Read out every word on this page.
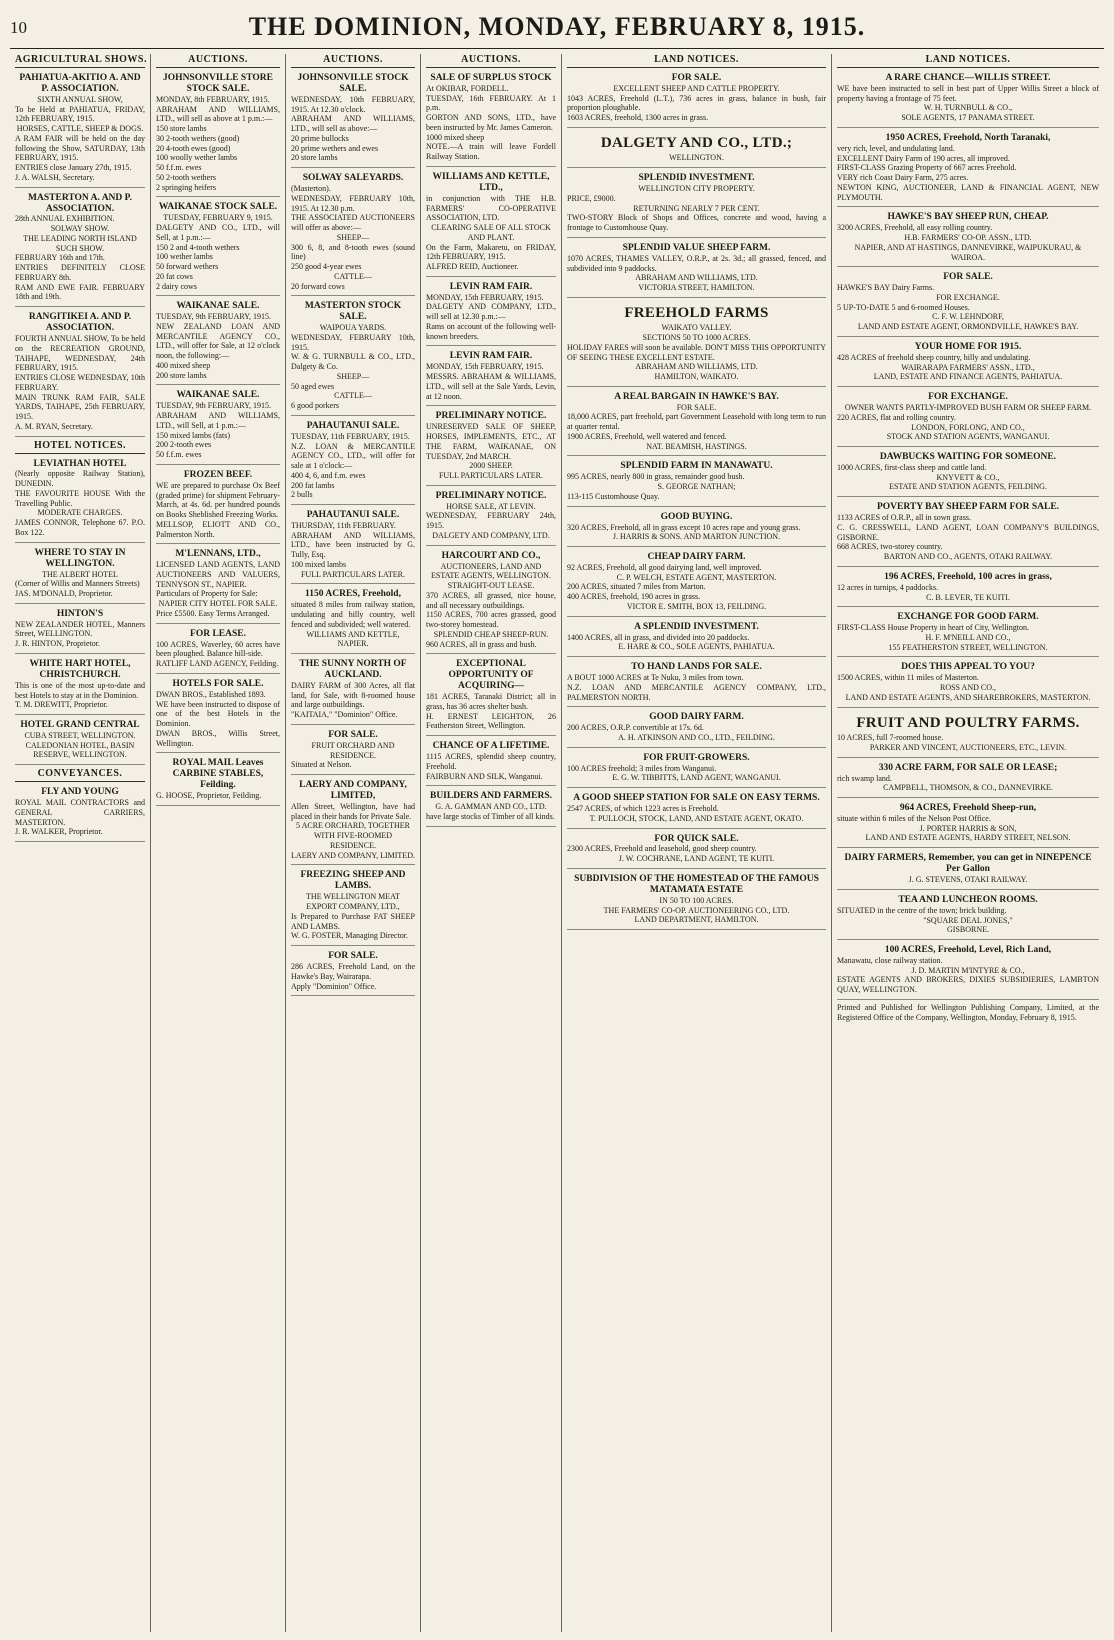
10	THE DOMINION, MONDAY, FEBRUARY 8, 1915.
AGRICULTURAL SHOWS.
PAHIATUA-AKITIO A. AND P. ASSOCIATION.
SIXTH ANNUAL SHOW,
To be Held at PAHIATUA, FRIDAY, 12th FEBRUARY, 1915.
HORSES, CATTLE, SHEEP & DOGS.
A RAM FAIR will be held on the day following the Show, SATURDAY, 13th FEBRUARY, 1915.
ENTRIES close January 27th, 1915.
J. A. WALSH, Secretary.
MASTERTON A. AND P. ASSOCIATION.
28th ANNUAL EXHIBITION.
SOLWAY SHOW.
THE LEADING NORTH ISLAND SUCH SHOW.
FEBRUARY 16th and 17th.
ENTRIES DEFINITELY CLOSE FEBRUARY 8th.
RAM AND EWE FAIR. FEBRUARY 18th and 19th.
RANGITIKEI A. AND P. ASSOCIATION.
FOURTH ANNUAL SHOW, To be held on the RECREATION GROUND, TAIHAPE, WEDNESDAY, 24th FEBRUARY, 1915.
ENTRIES CLOSE WEDNESDAY, 10th FEBRUARY.
MAIN TRUNK RAM FAIR, SALE YARDS, TAIHAPE, 25th FEBRUARY, 1915.
A. M. RYAN, Secretary.
HOTEL NOTICES.
LEVIATHAN HOTEL
(Nearly opposite Railway Station), DUNEDIN.
THE FAVOURITE HOUSE With the Travelling Public.
MODERATE CHARGES.
JAMES CONNOR, Telephone 67. P.O. Box 122.
WHERE TO STAY IN WELLINGTON.
THE ALBERT HOTEL
(Corner of Willis and Manners Streets)
JAS. M'DONALD, Proprietor.
HINTON'S
NEW ZEALANDER HOTEL, Manners Street, WELLINGTON.
J. R. HINTON, Proprietor.
WHITE HART HOTEL, CHRISTCHURCH.
This is one of the most up-to-date and best Hotels to stay at in the Dominion.
T. M. DREWITT, Proprietor.
HOTEL GRAND CENTRAL
CUBA STREET, WELLINGTON.
CALEDONIAN HOTEL, BASIN RESERVE, WELLINGTON.
CONVEYANCES.
FLY AND YOUNG
ROYAL MAIL CONTRACTORS and GENERAL CARRIERS, MASTERTON.
J. R. WALKER, Proprietor.
AUCTIONS.
JOHNSONVILLE STORE STOCK SALE.
MONDAY, 8th FEBRUARY, 1915.
ABRAHAM AND WILLIAMS, LTD., will sell as above at 1 p.m.:—
150 store lambs
30 2-tooth wethers (good)
20 4-tooth ewes (good)
100 woolly wether lambs
50 f.f.m. ewes
50 2-tooth wethers
2 springing heifers
WAIKANAE STOCK SALE.
TUESDAY, FEBRUARY 9, 1915.
DALGETY AND CO., LTD., will Sell, at 1 p.m.:—
150 2 and 4-tooth wethers
100 wether lambs
50 forward wethers
20 fat cows
2 dairy cows
WAIKANAE SALE.
TUESDAY, 9th FEBRUARY, 1915.
NEW ZEALAND LOAN AND MERCANTILE AGENCY CO., LTD., will offer for Sale, at 12 o'clock noon, the following:—
400 mixed sheep
200 store lambs
WAIKANAE SALE.
TUESDAY, 9th FEBRUARY, 1915.
ABRAHAM AND WILLIAMS, LTD., will Sell, at 1 p.m.:—
150 mixed lambs (fats)
200 2-tooth ewes
50 f.f.m. ewes
FROZEN BEEF.
WE are prepared to purchase Ox Beef (graded prime) for shipment February-March, at 4s. 6d. per hundred pounds on Books Sheblished Freezing Works.
MELLSOP, ELIOTT AND CO., Palmerston North.
M'LENNANS, LTD.,
LICENSED LAND AGENTS, LAND AUCTIONEERS AND VALUERS, TENNYSON ST., NAPIER.
Particulars of Property for Sale:
NAPIER CITY HOTEL FOR SALE.
Price £5500. Easy Terms Arranged.
FOR LEASE.
100 ACRES, Waverley, 60 acres have been ploughed. Balance hill-side.
RATLIFF LAND AGENCY, Feilding.
HOTELS FOR SALE.
DWAN BROS., Established 1893.
WE have been instructed to dispose of one of the best Hotels in the Dominion.
DWAN BROS., Willis Street, Wellington.
ROYAL MAIL Leaves CARBINE STABLES, Feilding.
G. HOOSE, Proprietor, Feilding.
AUCTIONS.
JOHNSONVILLE STOCK SALE.
WEDNESDAY, 10th FEBRUARY, 1915. At 12.30 o'clock.
ABRAHAM AND WILLIAMS, LTD., will sell as above:—
20 prime bullocks
20 prime wethers and ewes
20 store lambs
SOLWAY SALEYARDS.
(Masterton).
WEDNESDAY, FEBRUARY 10th, 1915. At 12.30 p.m.
THE ASSOCIATED AUCTIONEERS will offer as above:—
SHEEP—
300 6, 8, and 8-tooth ewes (sound line)
250 good 4-year ewes
CATTLE—
20 forward cows
MASTERTON STOCK SALE.
WAIPOUA YARDS.
WEDNESDAY, FEBRUARY 10th, 1915.
W. & G. TURNBULL & CO., LTD., Dalgety & Co.
SHEEP—
50 aged ewes
CATTLE—
6 good porkers
PAHAUTANUI SALE.
TUESDAY, 11th FEBRUARY, 1915.
N.Z. LOAN & MERCANTILE AGENCY CO., LTD., will offer for sale at 1 o'clock:—
400 4, 6, and f.m. ewes
200 fat lambs
2 bulls
PAHAUTANUI SALE.
THURSDAY, 11th FEBRUARY.
ABRAHAM AND WILLIAMS, LTD., have been instructed by G. Tully, Esq.
100 mixed lambs
FULL PARTICULARS LATER.
1150 ACRES, Freehold,
situated 8 miles from railway station, undulating and hilly country, well fenced and subdivided; well watered.
WILLIAMS AND KETTLE, NAPIER.
THE SUNNY NORTH OF AUCKLAND.
DAIRY FARM of 300 Acres, all flat land, for Sale, with 8-roomed house and large outbuildings.
"KAITAIA," "Dominion" Office.
FOR SALE.
FRUIT ORCHARD AND RESIDENCE.
Situated at Nelson.
LAERY AND COMPANY, LIMITED,
Allen Street, Wellington, have had placed in their hands for Private Sale.
5 ACRE ORCHARD, TOGETHER WITH FIVE-ROOMED RESIDENCE.
LAERY AND COMPANY, LIMITED.
FREEZING SHEEP AND LAMBS.
THE WELLINGTON MEAT EXPORT COMPANY, LTD.,
Is Prepared to Purchase FAT SHEEP AND LAMBS.
W. G. FOSTER, Managing Director.
FOR SALE.
286 ACRES, Freehold Land, on the Hawke's Bay, Wairarapa.
Apply "Dominion" Office.
AUCTIONS.
SALE OF SURPLUS STOCK
At OKIBAR, FORDELL.
TUESDAY, 16th FEBRUARY. At 1 p.m.
GORTON AND SONS, LTD., have been instructed by Mr. James Cameron.
1000 mixed sheep
NOTE.—A train will leave Fordell Railway Station.
WILLIAMS AND KETTLE, LTD.,
in conjunction with THE H.B. FARMERS' CO-OPERATIVE ASSOCIATION, LTD.
CLEARING SALE OF ALL STOCK AND PLANT.
On the Farm, Makaretu, on FRIDAY, 12th FEBRUARY, 1915.
ALFRED REID, Auctioneer.
LEVIN RAM FAIR.
MONDAY, 15th FEBRUARY, 1915.
DALGETY AND COMPANY, LTD., will sell at 12.30 p.m.:—
Rams on account of the following well-known breeders.
LEVIN RAM FAIR.
MONDAY, 15th FEBRUARY, 1915.
MESSRS. ABRAHAM & WILLIAMS, LTD., will sell at the Sale Yards, Levin, at 12 noon.
PRELIMINARY NOTICE.
UNRESERVED SALE OF SHEEP, HORSES, IMPLEMENTS, ETC., AT THE FARM, WAIKANAE, ON TUESDAY, 2nd MARCH.
2000 SHEEP.
FULL PARTICULARS LATER.
PRELIMINARY NOTICE.
HORSE SALE, AT LEVIN.
WEDNESDAY, FEBRUARY 24th, 1915.
DALGETY AND COMPANY, LTD.
HARCOURT AND CO.,
AUCTIONEERS, LAND AND ESTATE AGENTS, WELLINGTON.
STRAIGHT-OUT LEASE.
370 ACRES, all grassed, nice house, and all necessary outbuildings.
1150 ACRES, 700 acres grassed, good two-storey homestead.
SPLENDID CHEAP SHEEP-RUN.
960 ACRES, all in grass and bush.
EXCEPTIONAL OPPORTUNITY OF ACQUIRING—
181 ACRES, Taranaki District; all in grass, has 36 acres shelter bush.
H. ERNEST LEIGHTON, 26 Featherston Street, Wellington.
CHANCE OF A LIFETIME.
1115 ACRES, splendid sheep country, Freehold.
FAIRBURN AND SILK, Wanganui.
BUILDERS AND FARMERS.
G. A. GAMMAN AND CO., LTD.
have large stocks of Timber of all kinds.
LAND NOTICES.
FOR SALE.
EXCELLENT SHEEP AND CATTLE PROPERTY.
1043 ACRES, Freehold (L.T.), 736 acres in grass, balance in bush, fair proportion ploughable.
1603 ACRES, freehold, 1300 acres in grass.
DALGETY AND CO., LTD.;
WELLINGTON.
SPLENDID INVESTMENT.
WELLINGTON CITY PROPERTY.
PRICE, £9000.
RETURNING NEARLY 7 PER CENT.
TWO-STORY Block of Shops and Offices, concrete and wood, having a frontage to Customhouse Quay.
SPLENDID VALUE SHEEP FARM.
1070 ACRES, THAMES VALLEY, O.R.P., at 2s. 3d.; all grassed, fenced, and subdivided into 9 paddocks.
ABRAHAM AND WILLIAMS, LTD.
VICTORIA STREET, HAMILTON.
FREEHOLD FARMS
WAIKATO VALLEY.
SECTIONS 50 TO 1000 ACRES.
HOLIDAY FARES will soon be available. DON'T MISS THIS OPPORTUNITY OF SEEING THESE EXCELLENT ESTATE.
ABRAHAM AND WILLIAMS, LTD.
HAMILTON, WAIKATO.
A REAL BARGAIN IN HAWKE'S BAY.
FOR SALE.
18,000 ACRES, part freehold, part Government Leasehold with long term to run at quarter rental.
1900 ACRES, Freehold, well watered and fenced.
NAT. BEAMISH, HASTINGS.
SPLENDID FARM IN MANAWATU.
995 ACRES, nearly 800 in grass, remainder good bush.
S. GEORGE NATHAN;
113-115 Customhouse Quay.
GOOD BUYING.
320 ACRES, Freehold, all in grass except 10 acres rape and young grass.
J. HARRIS & SONS. AND MARTON JUNCTION.
CHEAP DAIRY FARM.
92 ACRES, Freehold, all good dairying land, well improved.
C. P. WELCH, ESTATE AGENT, MASTERTON.
200 ACRES, situated 7 miles from Marton.
400 ACRES, freehold, 190 acres in grass.
VICTOR E. SMITH, BOX 13, FEILDING.
A SPLENDID INVESTMENT.
1400 ACRES, all in grass, and divided into 20 paddocks.
E. HARE & CO., SOLE AGENTS, PAHIATUA.
TO HAND LANDS FOR SALE.
A BOUT 1000 ACRES at Te Nuku, 3 miles from town.
N.Z. LOAN AND MERCANTILE AGENCY COMPANY, LTD., PALMERSTON NORTH.
GOOD DAIRY FARM.
200 ACRES, O.R.P. convertible at 17s. 6d.
A. H. ATKINSON AND CO., LTD., FEILDING.
FOR FRUIT-GROWERS.
100 ACRES freehold; 3 miles from Wanganui.
E. G. W. TIBBITTS, LAND AGENT, WANGANUI.
A GOOD SHEEP STATION FOR SALE ON EASY TERMS.
2547 ACRES, of which 1223 acres is Freehold.
T. PULLOCH, STOCK, LAND, AND ESTATE AGENT, OKATO.
FOR QUICK SALE.
2300 ACRES, Freehold and leasehold, good sheep country.
J. W. COCHRANE, LAND AGENT, TE KUITI.
SUBDIVISION OF THE HOMESTEAD OF THE FAMOUS MATAMATA ESTATE
IN 50 TO 100 ACRES.
THE FARMERS' CO-OP. AUCTIONEERING CO., LTD.
LAND DEPARTMENT, HAMILTON.
LAND NOTICES.
A RARE CHANCE—WILLIS STREET.
WE have been instructed to sell in best part of Upper Willis Street a block of property having a frontage of 75 feet.
W. H. TURNBULL & CO.,
SOLE AGENTS, 17 PANAMA STREET.
1950 ACRES, Freehold, North Taranaki,
very rich, level, and undulating land.
EXCELLENT Dairy Farm of 190 acres, all improved.
FIRST-CLASS Grazing Property of 667 acres Freehold.
VERY rich Coast Dairy Farm, 275 acres.
NEWTON KING, AUCTIONEER, LAND & FINANCIAL AGENT, NEW PLYMOUTH.
HAWKE'S BAY SHEEP RUN, CHEAP.
3200 ACRES, Freehold, all easy rolling country.
H.B. FARMERS' CO-OP. ASSN., LTD.
NAPIER, AND AT HASTINGS, DANNEVIRKE, WAIPUKURAU, & WAIROA.
FOR SALE.
HAWKE'S BAY Dairy Farms.
FOR EXCHANGE.
5 UP-TO-DATE 5 and 6-roomed Houses.
C. F. W. LEHNDORF,
LAND AND ESTATE AGENT, ORMONDVILLE, HAWKE'S BAY.
YOUR HOME FOR 1915.
428 ACRES of freehold sheep country, hilly and undulating.
WAIRARAPA FARMERS' ASSN., LTD.,
LAND, ESTATE AND FINANCE AGENTS, PAHIATUA.
FOR EXCHANGE.
OWNER WANTS PARTLY-IMPROVED BUSH FARM OR SHEEP FARM.
220 ACRES, flat and rolling country.
LONDON, FORLONG, AND CO.,
STOCK AND STATION AGENTS, WANGANUI.
DAWBUCKS WAITING FOR SOMEONE.
1000 ACRES, first-class sheep and cattle land.
KNYVETT & CO.,
ESTATE AND STATION AGENTS, FEILDING.
POVERTY BAY SHEEP FARM FOR SALE.
1133 ACRES of O.R.P., all in sown grass.
C. G. CRESSWELL, LAND AGENT, LOAN COMPANY'S BUILDINGS, GISBORNE.
668 ACRES, two-storey country.
BARTON AND CO., AGENTS, OTAKI RAILWAY.
196 ACRES, Freehold, 100 acres in grass,
12 acres in turnips, 4 paddocks.
C. B. LEVER, TE KUITI.
EXCHANGE FOR GOOD FARM.
FIRST-CLASS House Property in heart of City, Wellington.
H. F. M'NEILL AND CO.,
155 FEATHERSTON STREET, WELLINGTON.
DOES THIS APPEAL TO YOU?
1500 ACRES, within 11 miles of Masterton.
ROSS AND CO.,
LAND AND ESTATE AGENTS, AND SHAREBROKERS, MASTERTON.
FRUIT AND POULTRY FARMS.
10 ACRES, full 7-roomed house.
PARKER AND VINCENT, AUCTIONEERS, ETC., LEVIN.
330 ACRE FARM, FOR SALE OR LEASE;
rich swamp land.
CAMPBELL, THOMSON, & CO., DANNEVIRKE.
964 ACRES, Freehold Sheep-run,
situate within 6 miles of the Nelson Post Office.
J. PORTER HARRIS & SON,
LAND AND ESTATE AGENTS, HARDY STREET, NELSON.
DAIRY FARMERS, Remember, you can get in NINEPENCE Per Gallon
J. G. STEVENS, OTAKI RAILWAY.
TEA AND LUNCHEON ROOMS.
SITUATED in the centre of the town; brick building.
"SQUARE DEAL JONES,"
GISBORNE.
100 ACRES, Freehold, Level, Rich Land,
Manawatu, close railway station.
J. D. MARTIN M'INTYRE & CO.,
ESTATE AGENTS AND BROKERS, DIXIES SUBSIDIERIES, LAMBTON QUAY, WELLINGTON.
Printed and Published for Wellington Publishing Company, Limited, at the Registered Office of the Company, Wellington, Monday, February 8, 1915.
